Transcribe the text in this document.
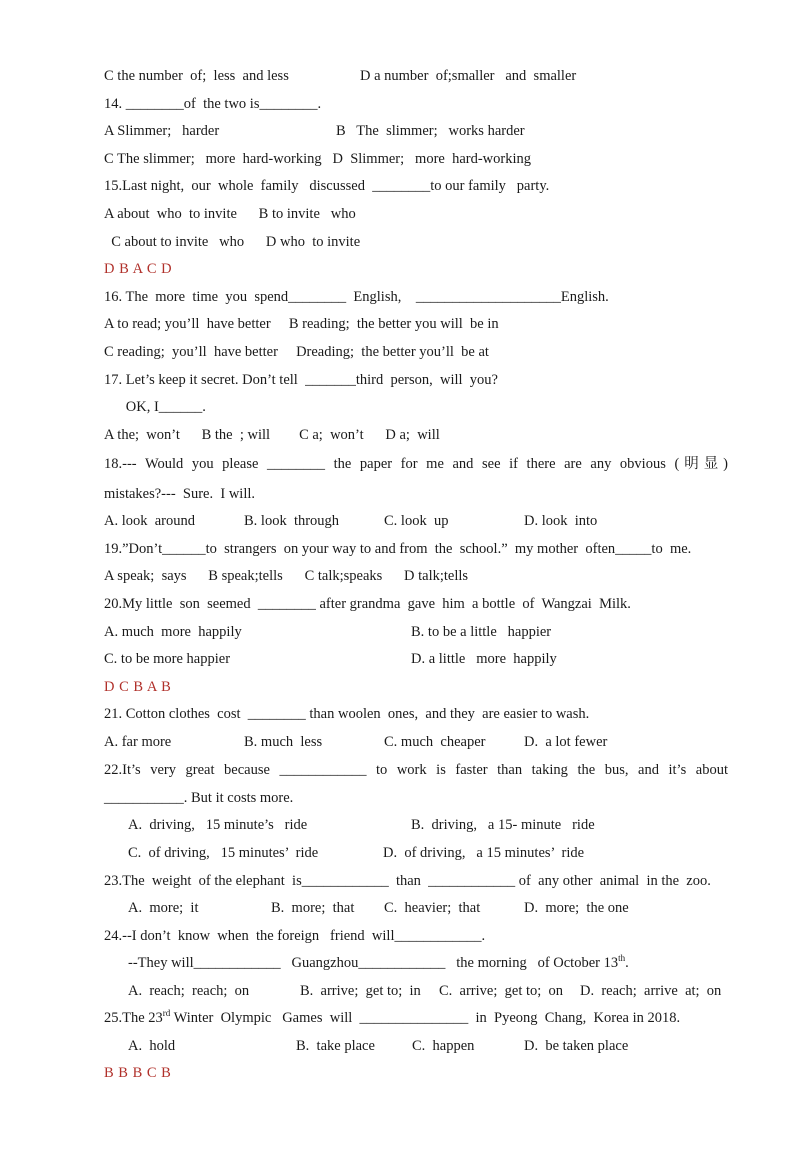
C the number  of;  less  and less

	D a number  of;smaller   and  smaller

14. ________of  the two is________.

A Slimmer;   harder

	B   The  slimmer;   works harder

C The slimmer;   more  hard-working   D  Slimmer;   more  hard-working
15.Last night,  our  whole  family   discussed  ________to our family   party.
A about  who  to invite      B to invite   who
C about to invite   who      D who  to invite
D B A C D
16. The  more  time  you  spend________  English,    ____________________English.
A to read; you’ll  have better     B reading;  the better you will  be in
C reading;  you’ll  have better     Dreading;  the better you’ll  be at
17. Let’s keep it secret. Don’t tell  _______third  person,  will  you?
OK, I______.
A the;  won’t      B the  ; will        C a;  won’t      D a;  will
18.--- Would you please ________ the paper for me and see if there are any obvious (明显)
mistakes?---  Sure.  I will.

A. look  around

	B. look  through

	C. look  up

	D. look  into

19.”Don’t______to  strangers  on your way to and from  the  school.”  my mother  often_____to  me.
A speak;  says      B speak;tells      C talk;speaks      D talk;tells
20.My little  son  seemed  ________ after grandma  gave  him  a bottle  of  Wangzai  Milk.

A. much  more  happily

	B. to be a little   happier

C. to be more happier

	D. a little   more  happily

D C B A B
21. Cotton clothes  cost  ________ than woolen  ones,  and they  are easier to wash.

A. far more

	B. much  less

	C. much  cheaper

	D.  a lot fewer

22.It’s very great because ____________ to work is faster than taking the bus, and it’s about
___________. But it costs more.

A.  driving,   15 minute’s   ride

	B.  driving,   a 15- minute   ride

C.  of driving,   15 minutes’  ride

	D.  of driving,   a 15 minutes’  ride

23.The  weight  of the elephant  is____________  than  ____________ of  any other  animal  in the  zoo.

A.  more;  it

	B.  more;  that

C.  heavier;  that

	D.  more;  the one

24.--I don’t  know  when  the foreign   friend  will____________.
--They will____________   Guangzhou____________   the morning   of October 13th.

A.  reach;  reach;  on

	B.  arrive;  get to;  in

C.  arrive;  get to;  on

D.  reach;  arrive  at;  on

25.The 23rd Winter  Olympic   Games  will  _______________  in  Pyeong  Chang,  Korea in 2018.

A.  hold

	B.  take place

	C.  happen

	D.  be taken place

B B B C B
